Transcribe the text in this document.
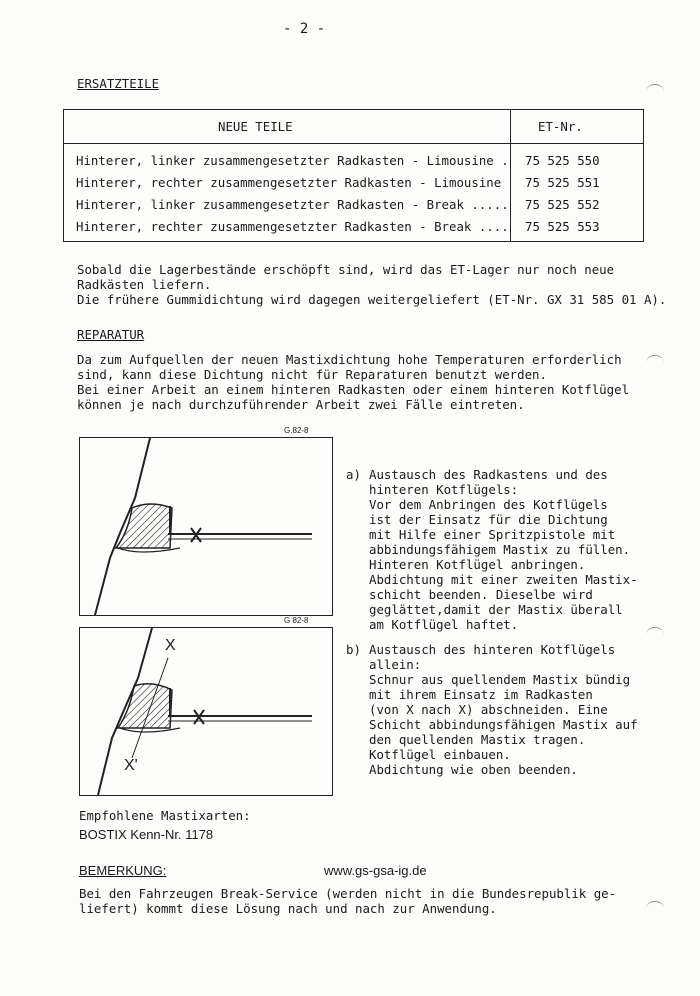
- 2 -
ERSATZTEILE
NEUE TEILE	ET-Nr.
Hinterer, linker zusammengesetzter Radkasten - Limousine . 75 525 550
Hinterer, rechter zusammengesetzter Radkasten - Limousine 75 525 551
Hinterer, linker zusammengesetzter Radkasten - Break ..... 75 525 552
Hinterer, rechter zusammengesetzter Radkasten - Break .... 75 525 553
Sobald die Lagerbestände erschöpft sind, wird das ET-Lager nur noch neue
Radkästen liefern.
Die frühere Gummidichtung wird dagegen weitergeliefert (ET-Nr. GX 31 585 01 A).
REPARATUR
Da zum Aufquellen der neuen Mastixdichtung hohe Temperaturen erforderlich
sind, kann diese Dichtung nicht für Reparaturen benutzt werden.
Bei einer Arbeit an einem hinteren Radkasten oder einem hinteren Kotflügel
können je nach durchzuführender Arbeit zwei Fälle eintreten.
G.82-8
G 82-8
X
X'
a) Austausch des Radkastens und des
hinteren Kotflügels:
Vor dem Anbringen des Kotflügels
ist der Einsatz für die Dichtung
mit Hilfe einer Spritzpistole mit
abbindungsfähigem Mastix zu füllen.
Hinteren Kotflügel anbringen.
Abdichtung mit einer zweiten Mastix-
schicht beenden. Dieselbe wird
geglättet,damit der Mastix überall
am Kotflügel haftet.
b) Austausch des hinteren Kotflügels
allein:
Schnur aus quellendem Mastix bündig
mit ihrem Einsatz im Radkasten
(von X nach X) abschneiden. Eine
Schicht abbindungsfähigen Mastix auf
den quellenden Mastix tragen.
Kotflügel einbauen.
Abdichtung wie oben beenden.
Empfohlene Mastixarten:
BOSTIX Kenn-Nr. 1178
BEMERKUNG:	www.gs-gsa-ig.de
Bei den Fahrzeugen Break-Service (werden nicht in die Bundesrepublik ge-
liefert) kommt diese Lösung nach und nach zur Anwendung.
